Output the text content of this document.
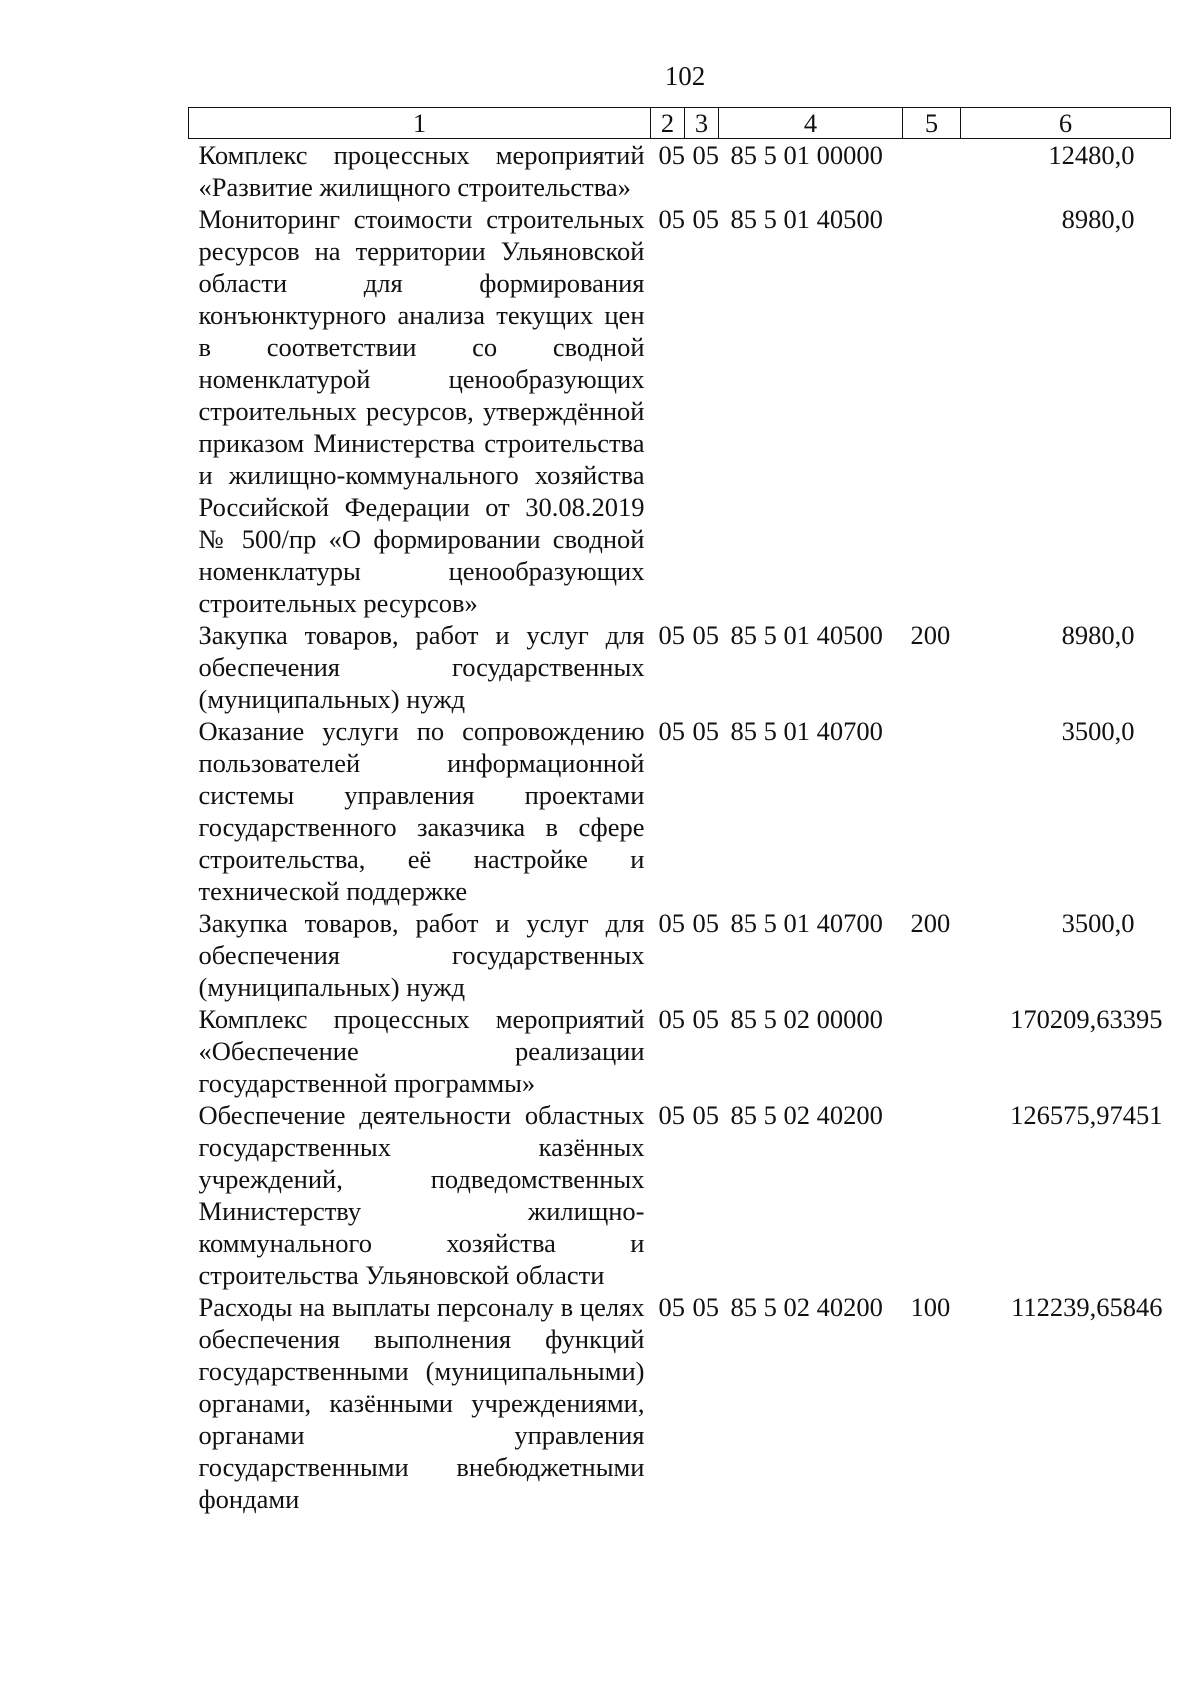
102
1	2	3	4	5	6
Комплекс процессных мероприятий «Развитие жилищного строительства»	05	05	85 5 01 00000		12480,0
Мониторинг стоимости строительных ресурсов на территории Ульяновской области для формирования конъюнктурного анализа текущих цен в соответствии со сводной номенклатурой ценообразующих строительных ресурсов, утверждённой приказом Министерства строительства и жилищно-коммунального хозяйства Российской Федерации от 30.08.2019 № 500/пр «О формировании сводной номенклатуры ценообразующих строительных ресурсов»	05	05	85 5 01 40500		8980,0
Закупка товаров, работ и услуг для обеспечения государственных (муниципальных) нужд	05	05	85 5 01 40500	200	8980,0
Оказание услуги по сопровождению пользователей информационной системы управления проектами государственного заказчика в сфере строительства, её настройке и технической поддержке	05	05	85 5 01 40700		3500,0
Закупка товаров, работ и услуг для обеспечения государственных (муниципальных) нужд	05	05	85 5 01 40700	200	3500,0
Комплекс процессных мероприятий «Обеспечение реализации государственной программы»	05	05	85 5 02 00000		170209,63395
Обеспечение деятельности областных государственных казённых учреждений, подведомственных Министерству жилищно-коммунального хозяйства и строительства Ульяновской области	05	05	85 5 02 40200		126575,97451
Расходы на выплаты персоналу в целях обеспечения выполнения функций государственными (муниципальными) органами, казёнными учреждениями, органами управления государственными внебюджетными фондами	05	05	85 5 02 40200	100	112239,65846
